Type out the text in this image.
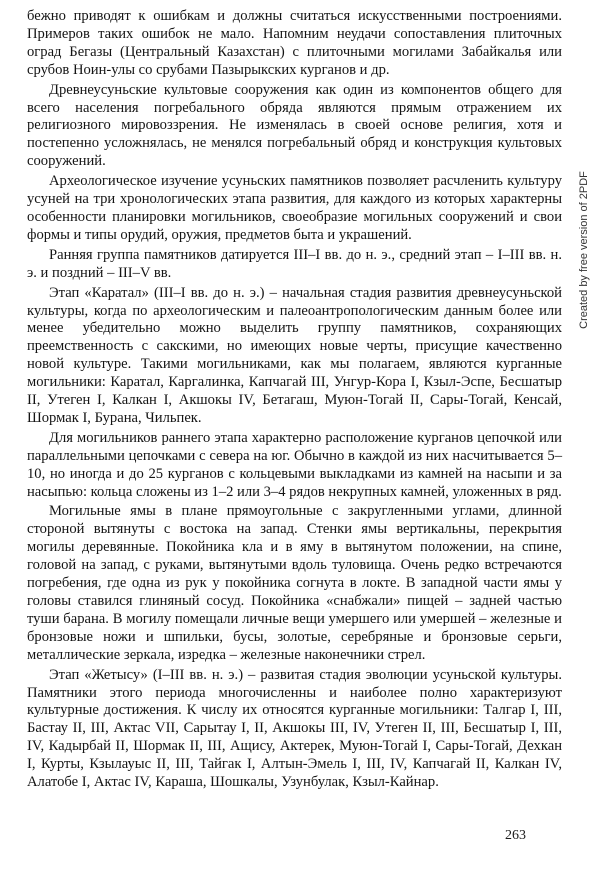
бежно приводят к ошибкам и должны считаться искусственными построениями. Примеров таких ошибок не мало. Напомним неудачи сопоставления плиточных оград Бегазы (Центральный Казахстан) с плиточными могилами Забайкалья или срубов Ноин-улы со срубами Пазырыкских курганов и др.

Древнеусуньские культовые сооружения как один из компонентов общего для всего населения погребального обряда являются прямым отражением их религиозного мировоззрения. Не изменялась в своей основе религия, хотя и постепенно усложнялась, не менялся погребальный обряд и конструкция культовых сооружений.

Археологическое изучение усуньских памятников позволяет расчленить культуру усуней на три хронологических этапа развития, для каждого из которых характерны особенности планировки могильников, своеобразие могильных сооружений и свои формы и типы орудий, оружия, предметов быта и украшений.

Ранняя группа памятников датируется III–I вв. до н. э., средний этап – I–III вв. н. э. и поздний – III–V вв.

Этап «Каратал» (III–I вв. до н. э.) – начальная стадия развития древнеусуньской культуры, когда по археологическим и палеоантропологическим данным более или менее убедительно можно выделить группу памятников, сохраняющих преемственность с сакскими, но имеющих новые черты, присущие качественно новой культуре. Такими могильниками, как мы полагаем, являются курганные могильники: Каратал, Каргалинка, Капчагай III, Унгур-Кора I, Кзыл-Эспе, Бесшатыр II, Утеген I, Калкан I, Акшокы IV, Бетагаш, Муюн-Тогай II, Сары-Тогай, Кенсай, Шормак I, Бурана, Чильпек.

Для могильников раннего этапа характерно расположение курганов цепочкой или параллельными цепочками с севера на юг. Обычно в каждой из них насчитывается 5–10, но иногда и до 25 курганов с кольцевыми выкладками из камней на насыпи и за насыпью: кольца сложены из 1–2 или 3–4 рядов некрупных камней, уложенных в ряд.

Могильные ямы в плане прямоугольные с закругленными углами, длинной стороной вытянуты с востока на запад. Стенки ямы вертикальны, перекрытия могилы деревянные. Покойника кла и в яму в вытянутом положении, на спине, головой на запад, с руками, вытянутыми вдоль туловища. Очень редко встречаются погребения, где одна из рук у покойника согнута в локте. В западной части ямы у головы ставился глиняный сосуд. Покойника «снабжали» пищей – задней частью туши барана. В могилу помещали личные вещи умершего или умершей – железные и бронзовые ножи и шпильки, бусы, золотые, серебряные и бронзовые серьги, металлические зеркала, изредка – железные наконечники стрел.

Этап «Жетысу» (I–III вв. н. э.) – развитая стадия эволюции усуньской культуры. Памятники этого периода многочисленны и наиболее полно характеризуют культурные достижения. К числу их относятся курганные могильники: Талгар I, III, Бастау II, III, Актас VII, Сарытау I, II, Акшокы III, IV, Утеген II, III, Бесшатыр I, III, IV, Кадырбай II, Шормак II, III, Ащису, Актерек, Муюн-Тогай I, Сары-Тогай, Дехкан I, Курты, Кзылауыс II, III, Тайгак I, Алтын-Эмель I, III, IV, Капчагай II, Калкан IV, Алатобе I, Актас IV, Караша, Шошкалы, Узунбулак, Кзыл-Кайнар.

263
Created by free version of 2PDF
